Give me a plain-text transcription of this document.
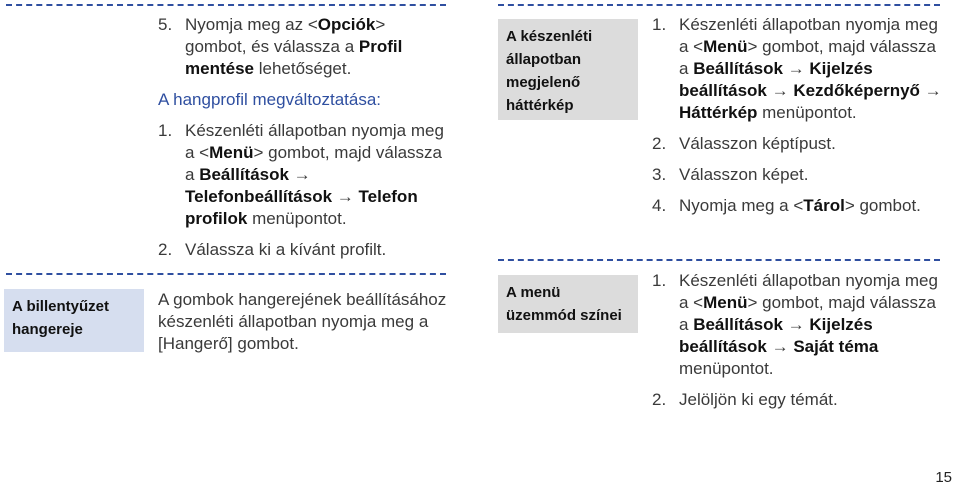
5. Nyomja meg az <Opciók> gombot, és válassza a Profil mentése lehetőséget.
A hangprofil megváltoztatása:
1. Készenléti állapotban nyomja meg a <Menü> gombot, majd válassza a Beállítások → Telefonbeállítások → Telefon profilok menüpontot.
2. Válassza ki a kívánt profilt.
A billentyűzet hangereje
A gombok hangerejének beállításához készenléti állapotban nyomja meg a [Hangerő] gombot.
A készenléti állapotban megjelenő háttérkép
1. Készenléti állapotban nyomja meg a <Menü> gombot, majd válassza a Beállítások → Kijelzés beállítások → Kezdőképernyő → Háttérkép menüpontot.
2. Válasszon képtípust.
3. Válasszon képet.
4. Nyomja meg a <Tárol> gombot.
A menü üzemmód színei
1. Készenléti állapotban nyomja meg a <Menü> gombot, majd válassza a Beállítások → Kijelzés beállítások → Saját téma menüpontot.
2. Jelöljön ki egy témát.
15
